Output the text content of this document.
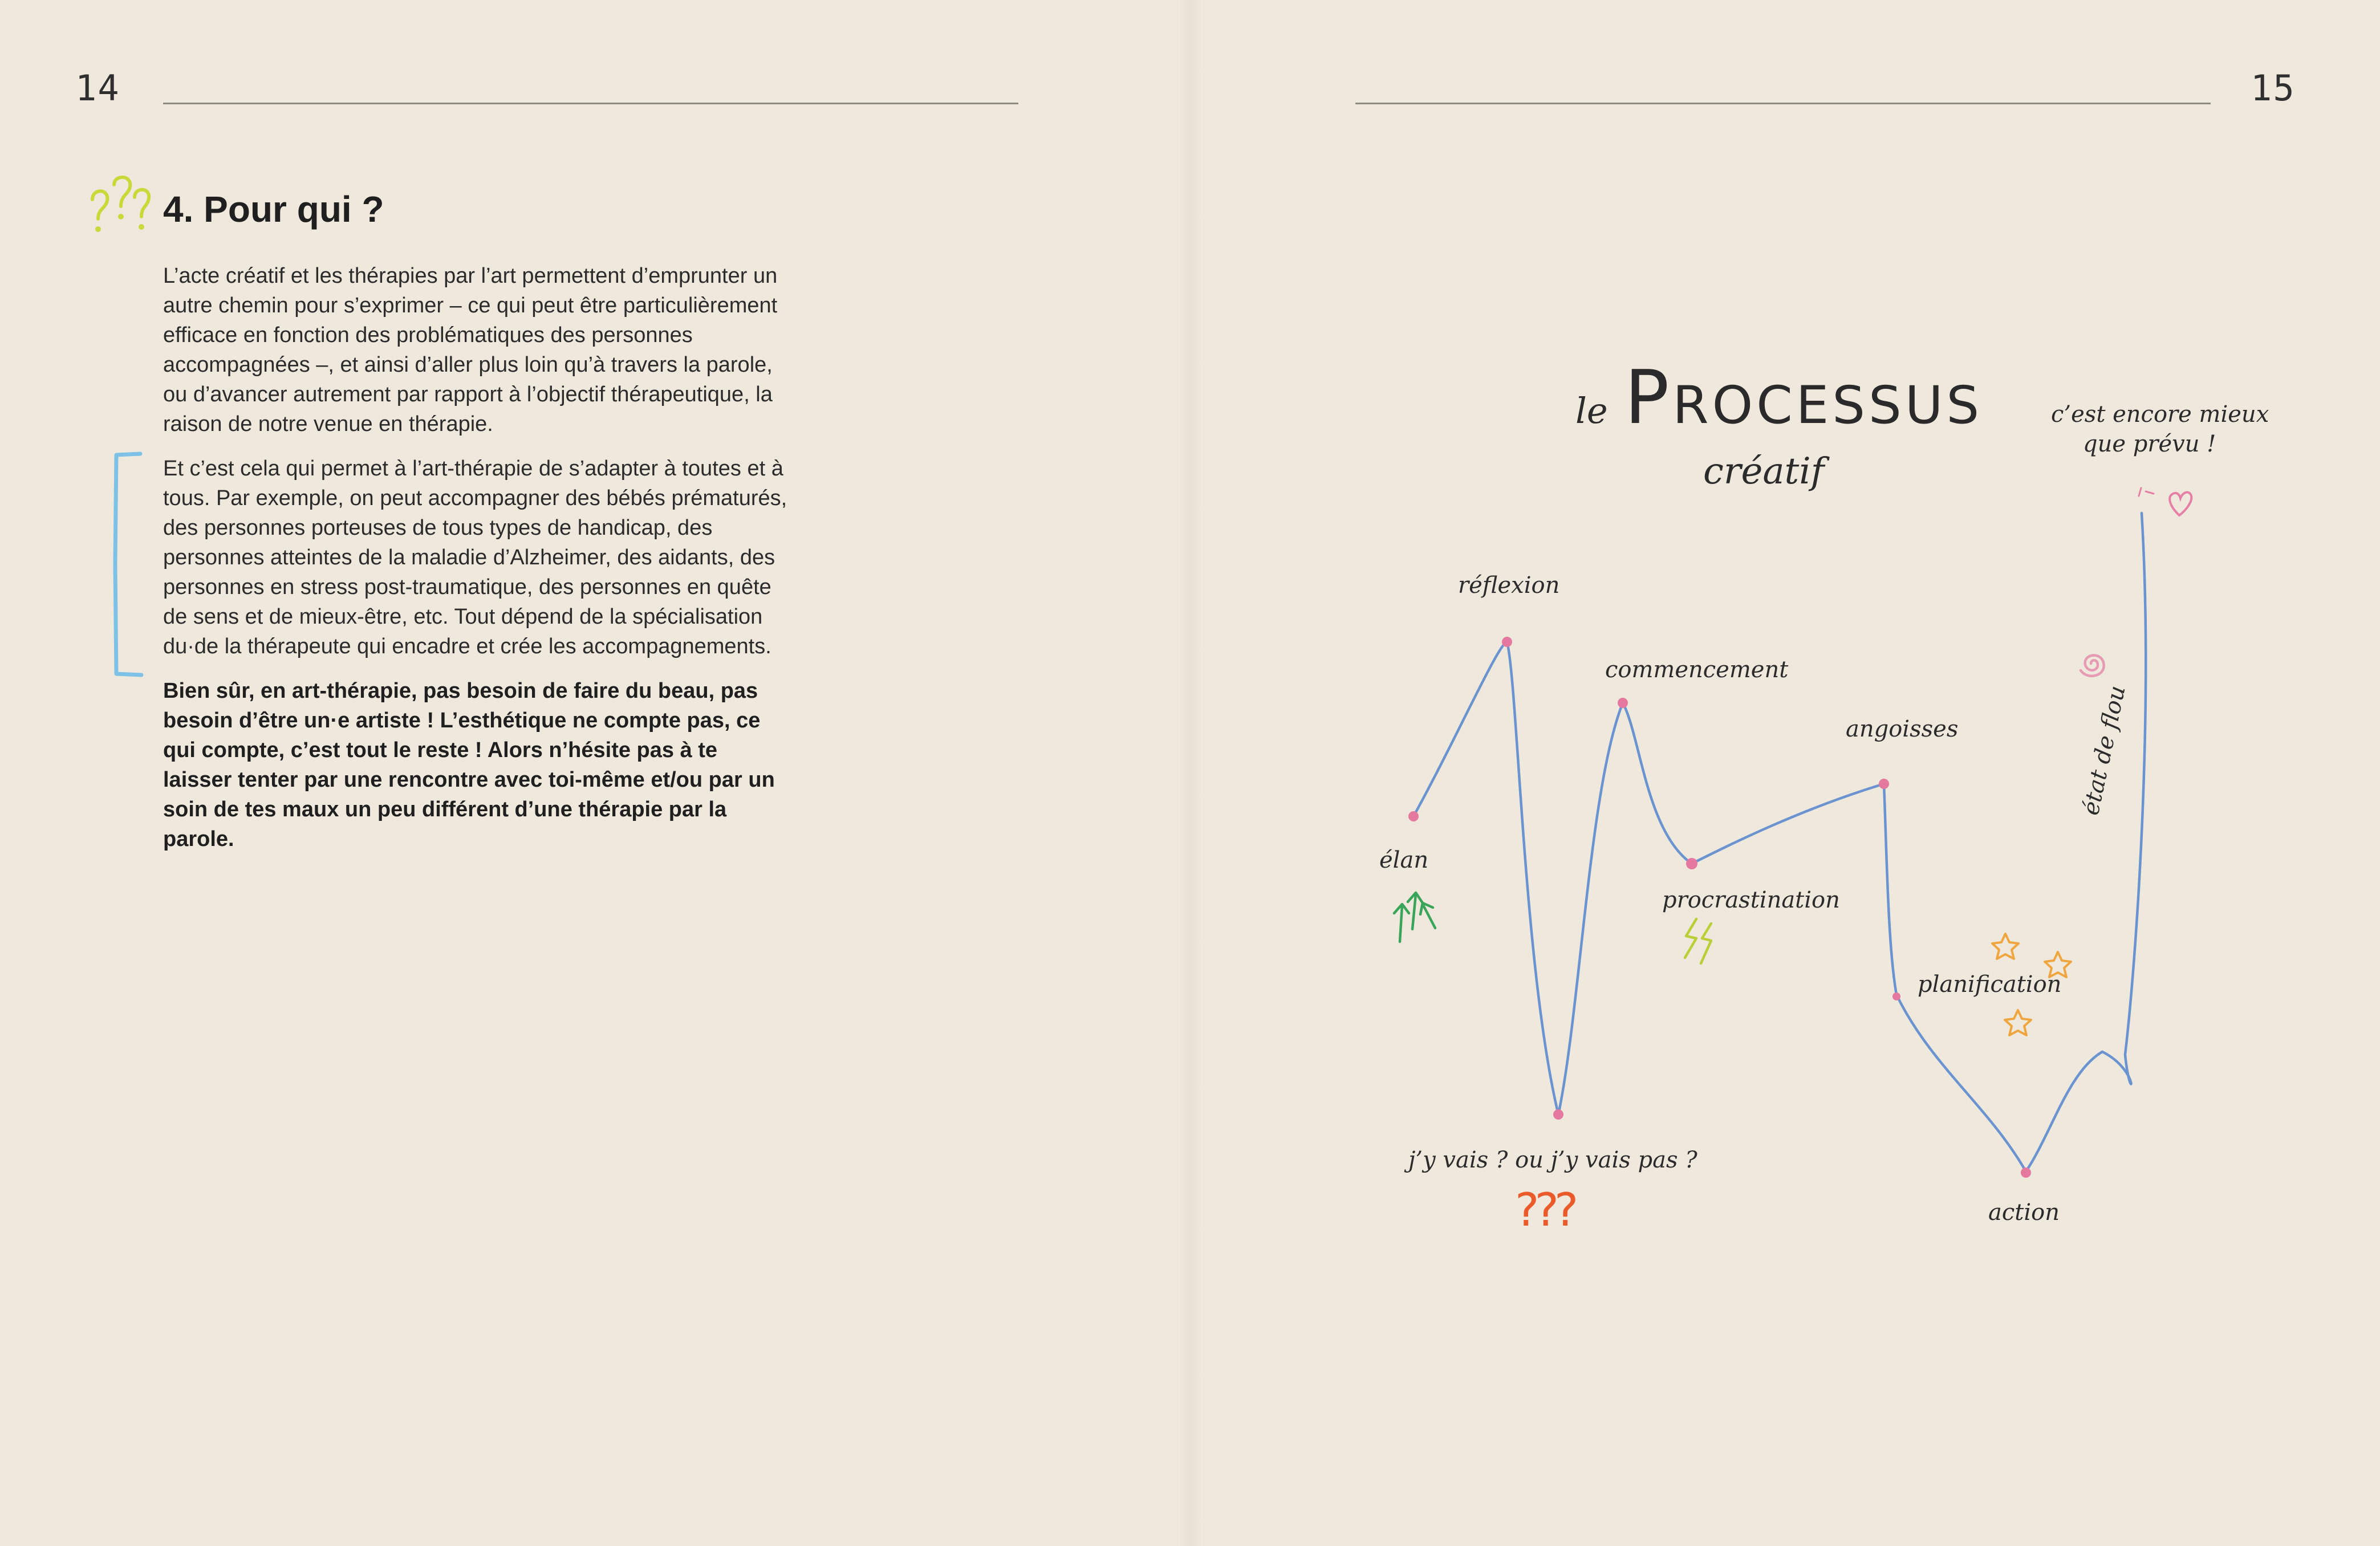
14
4. Pour qui ?

L’acte créatif et les thérapies par l’art permettent d’emprunter un autre chemin pour s’exprimer – ce qui peut être particulièrement efficace en fonction des problématiques des personnes accompagnées –, et ainsi d’aller plus loin qu’à travers la parole, ou d’avancer autrement par rapport à l’objectif thérapeutique, la raison de notre venue en thérapie.

Et c’est cela qui permet à l’art-thérapie de s’adapter à toutes et à tous. Par exemple, on peut accompagner des bébés prématurés, des personnes porteuses de tous types de handicap, des personnes atteintes de la maladie d’Alzheimer, des aidants, des personnes en stress post-traumatique, des personnes en quête de sens et de mieux-être, etc. Tout dépend de la spécialisation du·de la thérapeute qui encadre et crée les accompagnements.

Bien sûr, en art-thérapie, pas besoin de faire du beau, pas besoin d’être un·e artiste ! L’esthétique ne compte pas, ce qui compte, c’est tout le reste ! Alors n’hésite pas à te laisser tenter par une rencontre avec toi-même et/ou par un soin de tes maux un peu différent d’une thérapie par la parole.

15
le Processus
créatif
élan
réflexion
j’y vais ? ou j’y vais pas ?
commencement
procrastination
angoisses
planification
action
c’est encore mieux
que prévu !
état de flou
???
